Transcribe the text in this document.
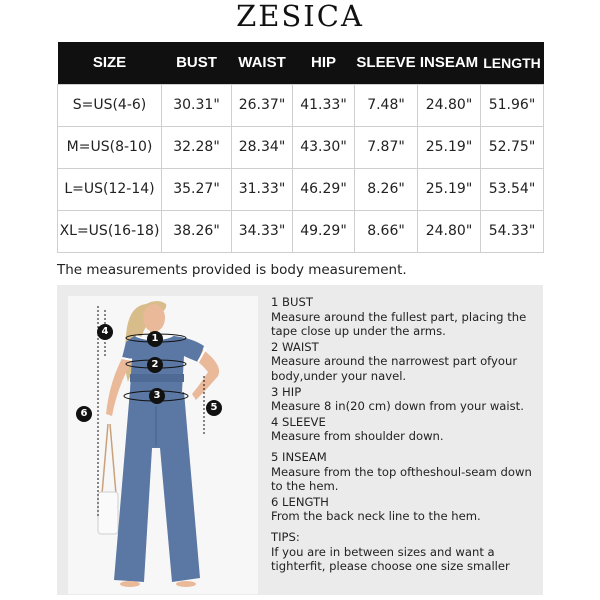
ZESICA
SIZE	BUST	WAIST	HIP	SLEEVE	INSEAM	LENGTH
S=US(4-6)	30.31"	26.37"	41.33"	7.48"	24.80"	51.96"
M=US(8-10)	32.28"	28.34"	43.30"	7.87"	25.19"	52.75"
L=US(12-14)	35.27"	31.33"	46.29"	8.26"	25.19"	53.54"
XL=US(16-18)	38.26"	34.33"	49.29"	8.66"	24.80"	54.33"
The measurements provided is body measurement.
1
2
3
4
5
6
1 BUST
Measure around the fullest part, placing the tape close up under the arms.
2 WAIST
Measure around the narrowest part ofyour body,under your navel.
3 HIP
Measure 8 in(20 cm) down from your waist.
4 SLEEVE
Measure from shoulder down.
5 INSEAM
Measure from the top oftheshoul-seam down to the hem.
6 LENGTH
From the back neck line to the hem.
TIPS:
If you are in between sizes and want a tighterfit, please choose one size smaller
